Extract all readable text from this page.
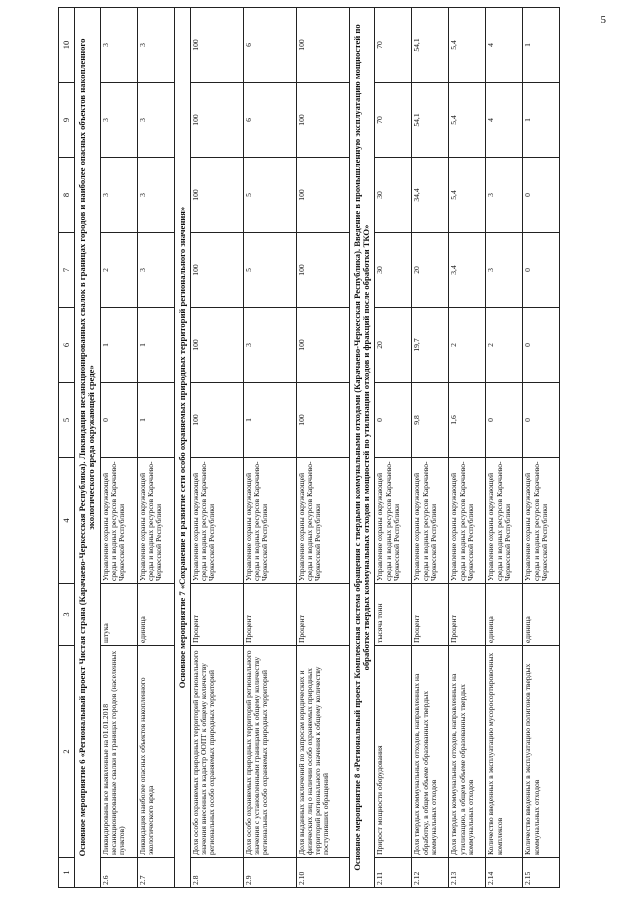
5
1	2	3	4	5	6	7	8	9	10
Основное мероприятие 6 «Региональный проект Чистая страна (Карачаево-Черкесская Республика). Ликвидация несанкционированных свалок в границах городов и наиболее опасных объектов накопленного экологического вреда окружающей среде»									
2.6	Ликвидированы все выявленные на 01.01.2018 несанкционированные свалки в границах городов (населенных пунктов)	штука	Управление охраны окружающей среды и водных ресурсов Карачаево-Черкесской Республики	0	1	2	3	3	3
2.7	Ликвидация наиболее опасных объектов накопленного экологического вреда	единица	Управление охраны окружающей среды и водных ресурсов Карачаево-Черкесской Республики	1	1	3	3	3	3
Основное мероприятие 7 «Сохранение и развитие сети особо охраняемых природных территорий регионального значения»									
2.8	Доля особо охраняемых природных территорий регионального значения внесенных в кадастр ООПТ к общему количеству региональных особо охраняемых природных территорий	Процент	Управление охраны окружающей среды и водных ресурсов Карачаево-Черкесской Республики	100	100	100	100	100	100
2.9	Доля особо охраняемых природных территорий регионального значения с установленными границами к общему количеству региональных особо охраняемых природных территорий	Процент	Управление охраны окружающей среды и водных ресурсов Карачаево-Черкесской Республики	1	3	5	5	6	6
2.10	Доля выданных заключений по запросам юридических и физических лиц о наличии особо охраняемых природных территорий регионального значения к общему количеству поступивших обращений	Процент	Управление охраны окружающей среды и водных ресурсов Карачаево-Черкесской Республики	100	100	100	100	100	100
Основное мероприятие 8 «Региональный проект Комплексная система обращения с твердыми коммунальными отходами (Карачаево-Черкесская Республика). Введение в промышленную эксплуатацию мощностей по обработке твердых коммунальных отходов и мощностей по утилизации отходов и фракций после обработки ТКО»									
2.11	Прирост мощности оборудования	тысяча тонн	Управление охраны окружающей среды и водных ресурсов Карачаево-Черкесской Республики	0	20	30	30	70	70
2.12	Доля твердых коммунальных отходов, направленных на обработку, в общем объеме образованных твердых коммунальных отходов	Процент	Управление охраны окружающей среды и водных ресурсов Карачаево-Черкесской Республики	9,8	19,7	20	34,4	54,1	54,1
2.13	Доля твердых коммунальных отходов, направленных на утилизацию, в общем объеме образованных твердых коммунальных отходов	Процент	Управление охраны окружающей среды и водных ресурсов Карачаево-Черкесской Республики	1,6	2	3,4	5,4	5,4	5,4
2.14	Количество введенных в эксплуатацию мусоросортировочных комплексов	единица	Управление охраны окружающей среды и водных ресурсов Карачаево-Черкесской Республики	0	2	3	3	4	4
2.15	Количество введенных в эксплуатацию полигонов твердых коммунальных отходов	единица	Управление охраны окружающей среды и водных ресурсов Карачаево-Черкесской Республики	0	0	0	0	1	1
